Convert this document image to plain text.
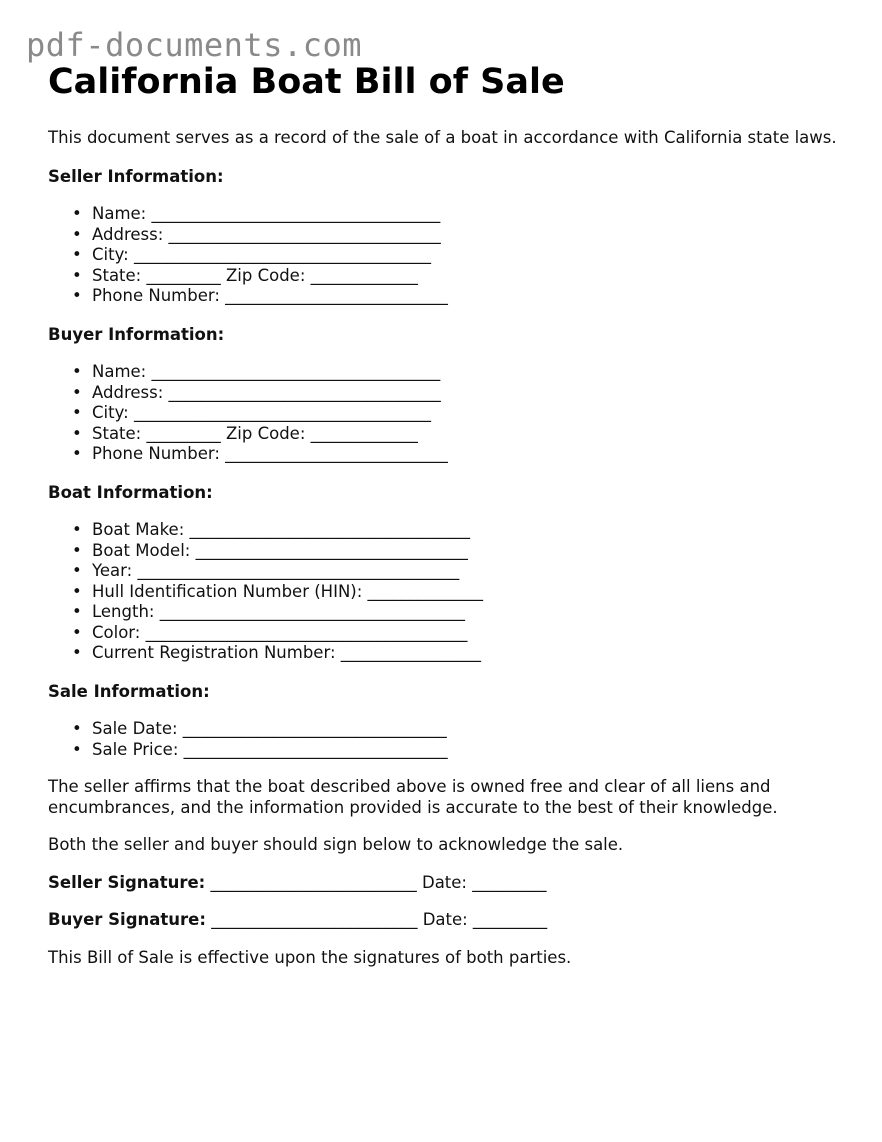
pdf-documents.com
California Boat Bill of Sale

This document serves as a record of the sale of a boat in accordance with California state laws.

Seller Information:
• Name: ___________________________________
• Address: _________________________________
• City: ____________________________________
• State: _________ Zip Code: _____________
• Phone Number: ___________________________
Buyer Information:
• Name: ___________________________________
• Address: _________________________________
• City: ____________________________________
• State: _________ Zip Code: _____________
• Phone Number: ___________________________
Boat Information:
• Boat Make: __________________________________
• Boat Model: _________________________________
• Year: _______________________________________
• Hull Identification Number (HIN): ______________
• Length: _____________________________________
• Color: _______________________________________
• Current Registration Number: _________________
Sale Information:
• Sale Date: ________________________________
• Sale Price: ________________________________

The seller affirms that the boat described above is owned free and clear of all liens and encumbrances, and the information provided is accurate to the best of their knowledge.

Both the seller and buyer should sign below to acknowledge the sale.

Seller Signature: _________________________ Date: _________

Buyer Signature: _________________________ Date: _________

This Bill of Sale is effective upon the signatures of both parties.
